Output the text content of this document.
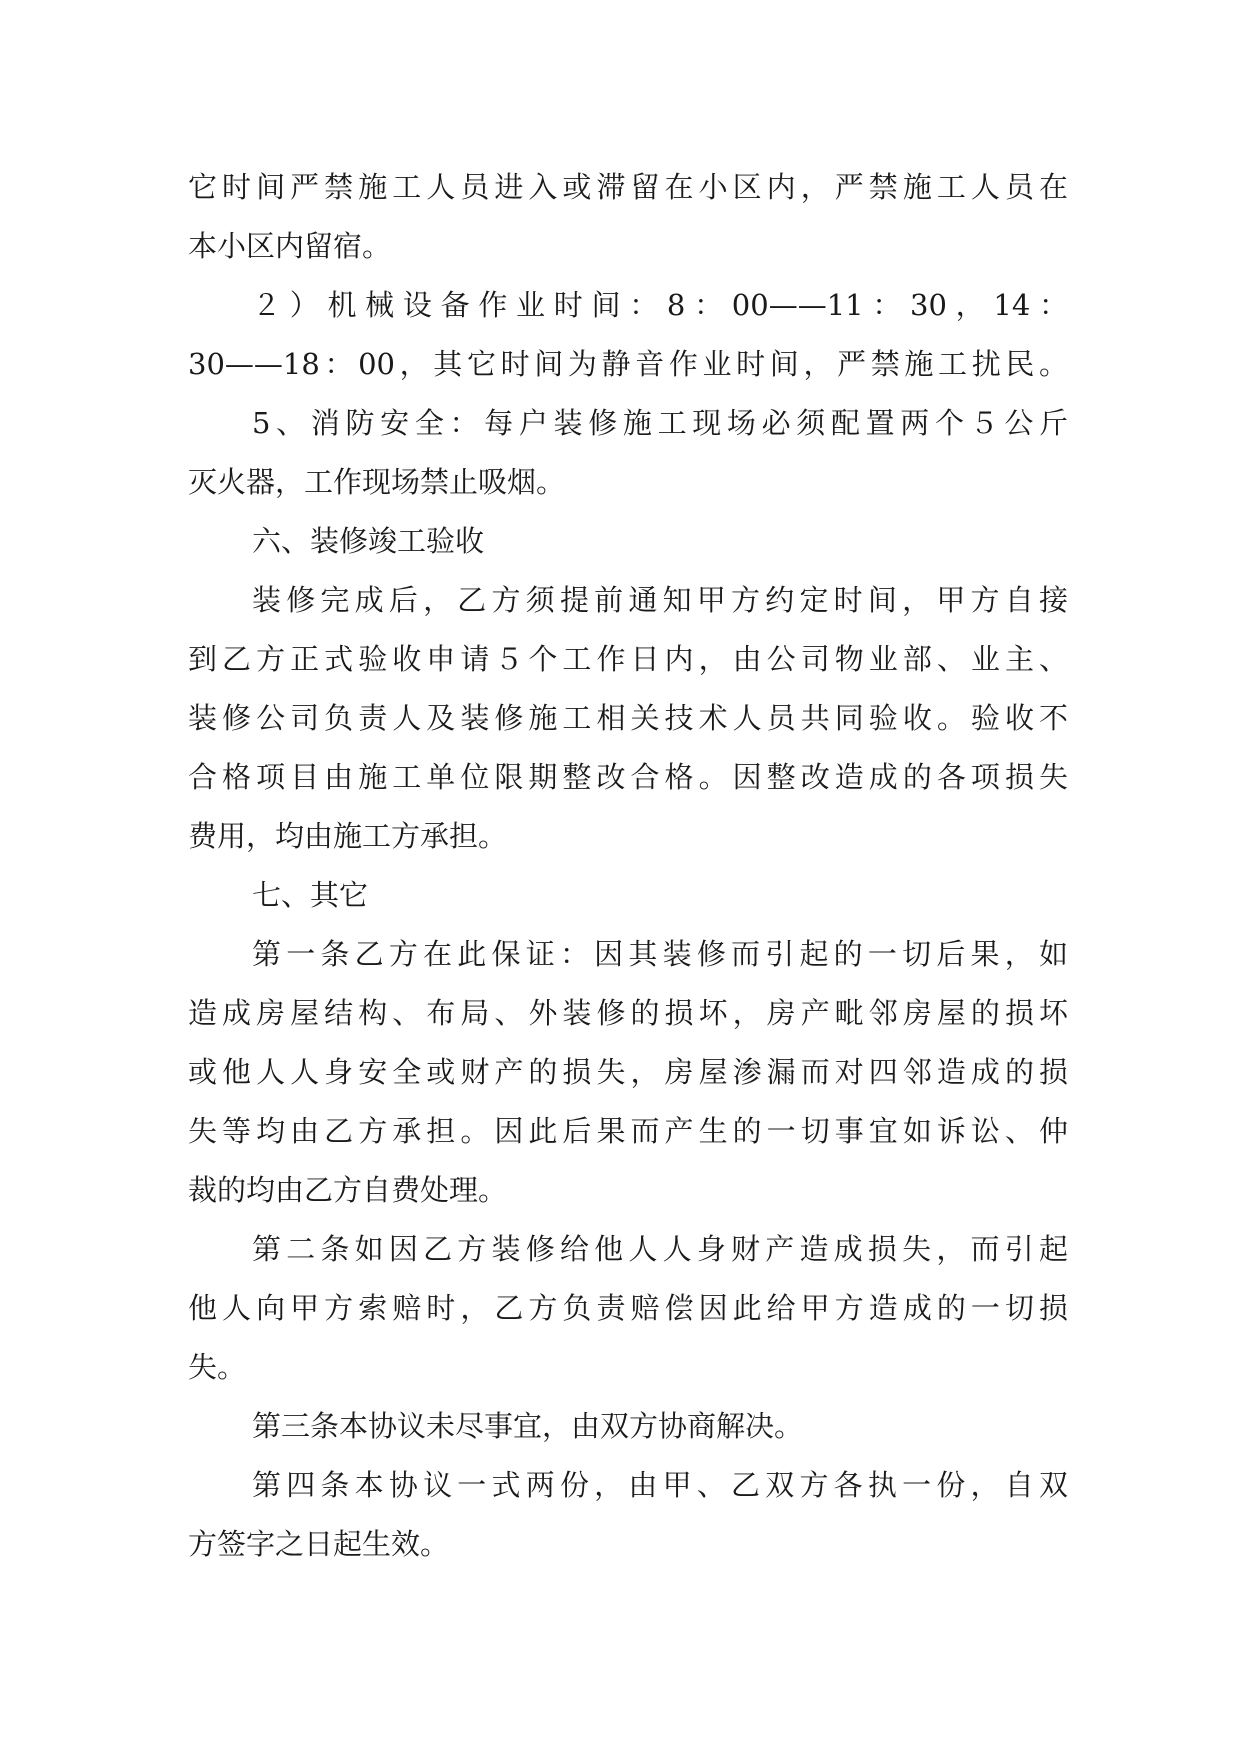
它时间严禁施工人员进入或滞留在小区内，严禁施工人员在
本小区内留宿。
２）机械设备作业时间：8：00——11：30，14：
30——18：00，其它时间为静音作业时间，严禁施工扰民。
5、消防安全：每户装修施工现场必须配置两个５公斤
灭火器，工作现场禁止吸烟。
六、装修竣工验收
装修完成后，乙方须提前通知甲方约定时间，甲方自接
到乙方正式验收申请５个工作日内，由公司物业部、业主、
装修公司负责人及装修施工相关技术人员共同验收。验收不
合格项目由施工单位限期整改合格。因整改造成的各项损失
费用，均由施工方承担。
七、其它
第一条乙方在此保证：因其装修而引起的一切后果，如
造成房屋结构、布局、外装修的损坏，房产毗邻房屋的损坏
或他人人身安全或财产的损失，房屋渗漏而对四邻造成的损
失等均由乙方承担。因此后果而产生的一切事宜如诉讼、仲
裁的均由乙方自费处理。
第二条如因乙方装修给他人人身财产造成损失，而引起
他人向甲方索赔时，乙方负责赔偿因此给甲方造成的一切损
失。
第三条本协议未尽事宜，由双方协商解决。
第四条本协议一式两份，由甲、乙双方各执一份，自双
方签字之日起生效。
